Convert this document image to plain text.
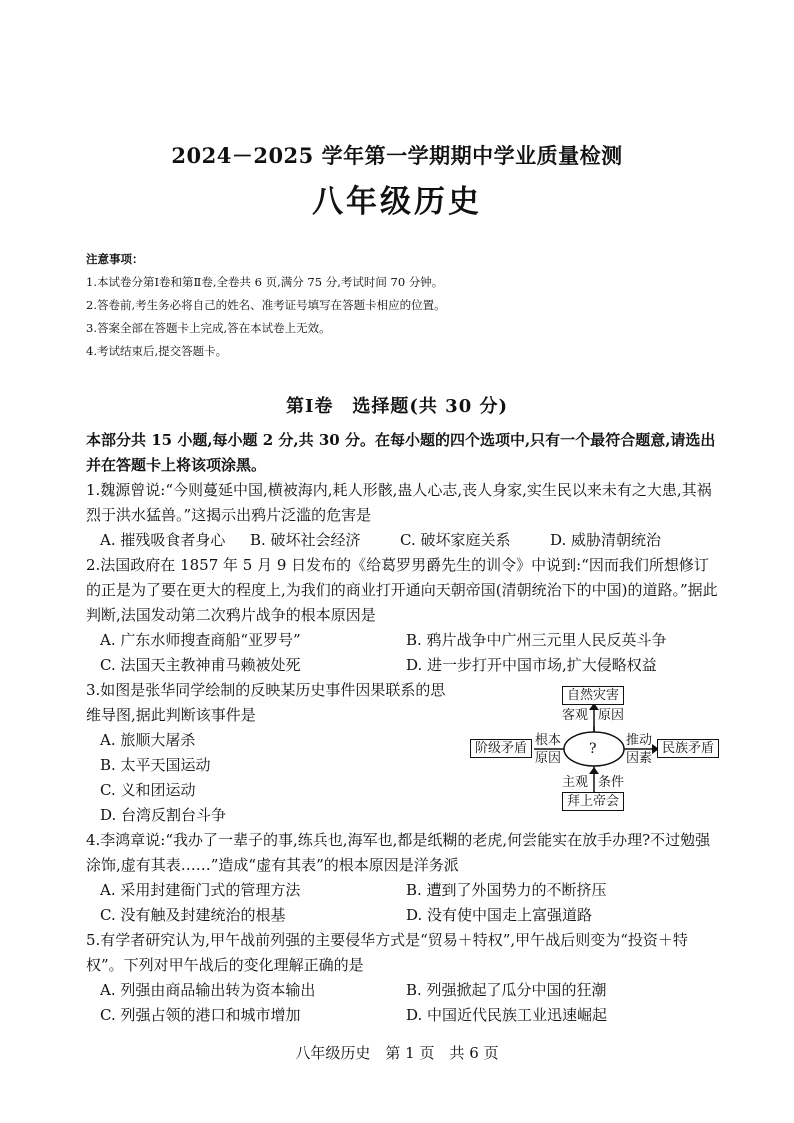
2024－2025 学年第一学期期中学业质量检测
八年级历史
注意事项：
1.本试卷分第Ⅰ卷和第Ⅱ卷,全卷共 6 页,满分 75 分,考试时间 70 分钟。
2.答卷前,考生务必将自己的姓名、准考证号填写在答题卡相应的位置。
3.答案全部在答题卡上完成,答在本试卷上无效。
4.考试结束后,提交答题卡。
第Ⅰ卷　选择题(共 30 分)
本部分共 15 小题,每小题 2 分,共 30 分。在每小题的四个选项中,只有一个最符合题意,请选出并在答题卡上将该项涂黑。
1.魏源曾说:“今则蔓延中国,横被海内,耗人形骸,蛊人心志,丧人身家,实生民以来未有之大患,其祸烈于洪水猛兽。”这揭示出鸦片泛滥的危害是
A. 摧残吸食者身心 B. 破坏社会经济	C. 破坏家庭关系	D. 威胁清朝统治
2.法国政府在 1857 年 5 月 9 日发布的《给葛罗男爵先生的训令》中说到:“因而我们所想修订的正是为了要在更大的程度上,为我们的商业打开通向天朝帝国(清朝统治下的中国)的道路。”据此判断,法国发动第二次鸦片战争的根本原因是
A. 广东水师搜查商船“亚罗号”	B. 鸦片战争中广州三元里人民反英斗争
C. 法国天主教神甫马赖被处死	D. 进一步打开中国市场,扩大侵略权益
3.如图是张华同学绘制的反映某历史事件因果联系的思维导图,据此判断该事件是
A. 旅顺大屠杀
B. 太平天国运动
C. 义和团运动
D. 台湾反割台斗争
自然灾害
客观 原因
阶级矛盾
根本
原因
?
推动
因素
民族矛盾
主观 条件
拜上帝会
4.李鸿章说:“我办了一辈子的事,练兵也,海军也,都是纸糊的老虎,何尝能实在放手办理?不过勉强涂饰,虚有其表……”造成“虚有其表”的根本原因是洋务派
A. 采用封建衙门式的管理方法	B. 遭到了外国势力的不断挤压
C. 没有触及封建统治的根基	D. 没有使中国走上富强道路
5.有学者研究认为,甲午战前列强的主要侵华方式是“贸易＋特权”,甲午战后则变为“投资＋特权”。下列对甲午战后的变化理解正确的是
A. 列强由商品输出转为资本输出	B. 列强掀起了瓜分中国的狂潮
C. 列强占领的港口和城市增加	D. 中国近代民族工业迅速崛起
八年级历史　第 1 页　共 6 页
